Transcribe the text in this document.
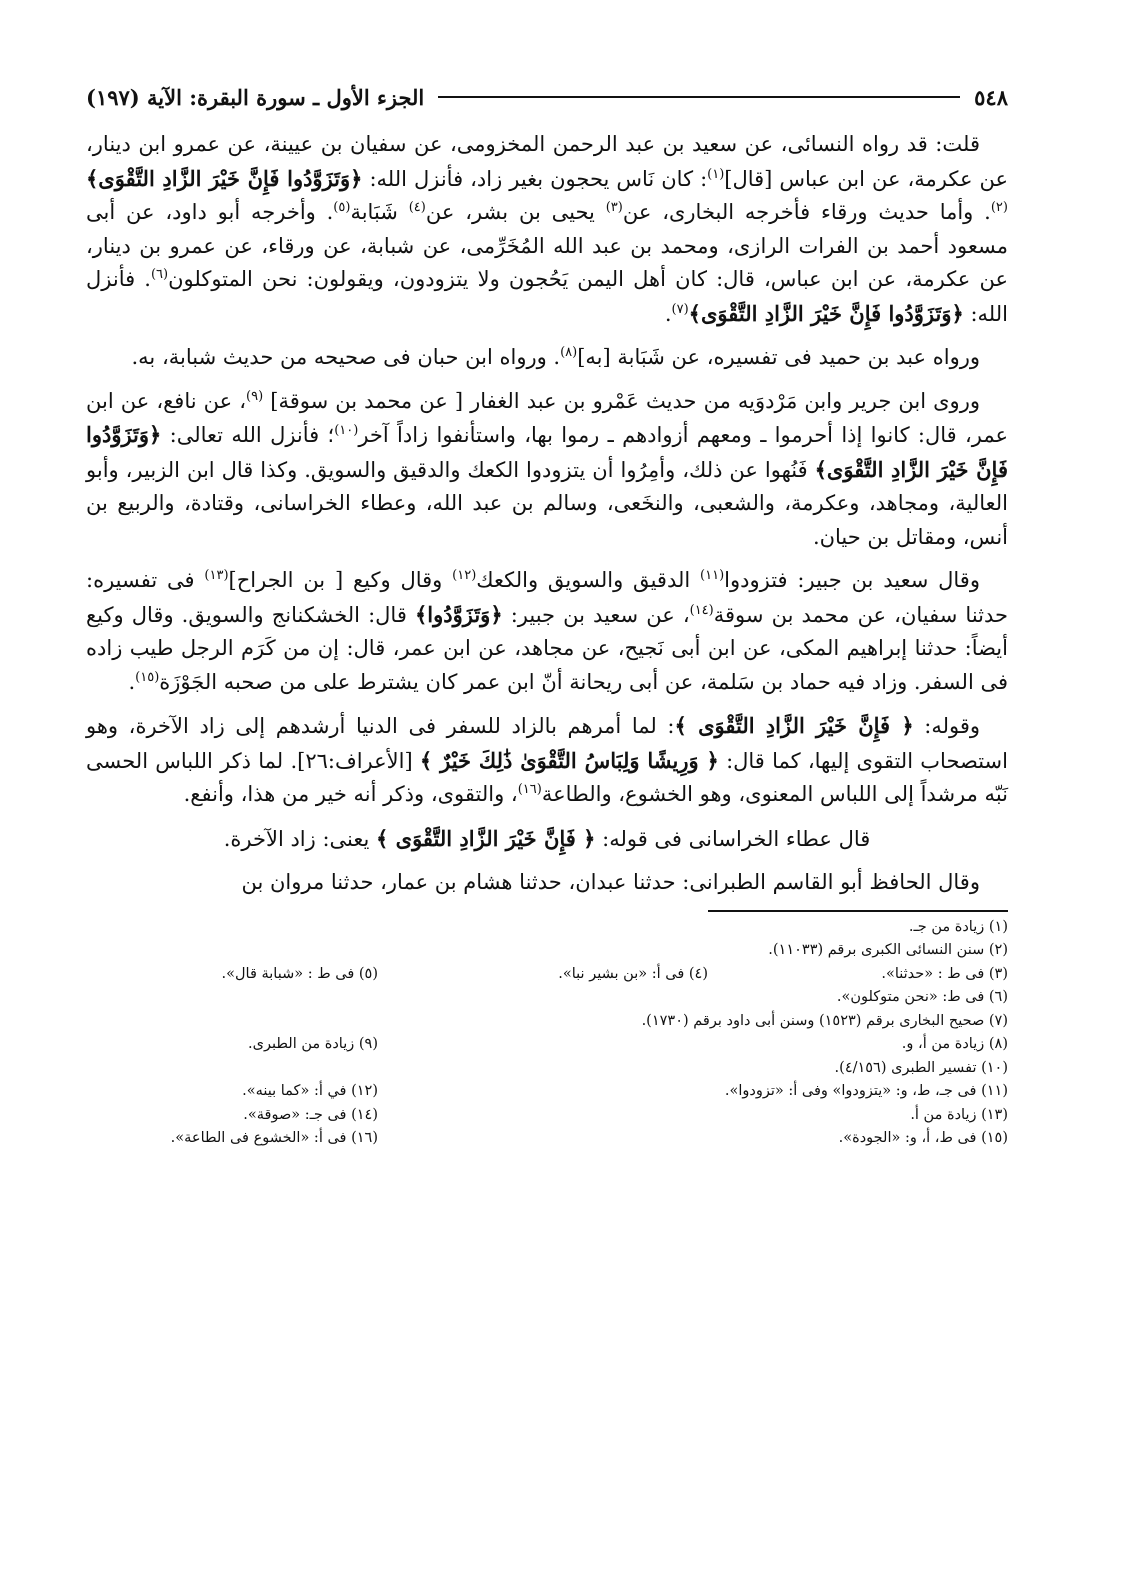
٥٤٨
الجزء الأول ـ سورة البقرة: الآية (١٩٧)

قلت: قد رواه النسائى، عن سعيد بن عبد الرحمن المخزومى، عن سفيان بن عيينة، عن عمرو ابن دينار، عن عكرمة، عن ابن عباس [قال]$^{(١)}$: كان نَاس يحجون بغير زاد، فأنزل الله: ﴿وَتَزَوَّدُوا فَإِنَّ خَيْرَ الزَّادِ التَّقْوَى﴾$^{(٢)}$. وأما حديث ورقاء فأخرجه البخارى، عن$^{(٣)}$ يحيى بن بشر، عن$^{(٤)}$ شَبَابة$^{(٥)}$. وأخرجه أبو داود، عن أبى مسعود أحمد بن الفرات الرازى، ومحمد بن عبد الله المُخَرِّمى، عن شبابة، عن ورقاء، عن عمرو بن دينار، عن عكرمة، عن ابن عباس، قال: كان أهل اليمن يَحُجون ولا يتزودون، ويقولون: نحن المتوكلون$^{(٦)}$. فأنزل الله: ﴿وَتَزَوَّدُوا فَإِنَّ خَيْرَ الزَّادِ التَّقْوَى﴾$^{(٧)}$.

ورواه عبد بن حميد فى تفسيره، عن شَبَابة [به]$^{(٨)}$. ورواه ابن حبان فى صحيحه من حديث شبابة، به.

وروى ابن جرير وابن مَرْدوَيه من حديث عَمْرو بن عبد الغفار [ عن محمد بن سوقة] $^{(٩)}$، عن نافع، عن ابن عمر، قال: كانوا إذا أحرموا ـ ومعهم أزوادهم ـ رموا بها، واستأنفوا زاداً آخر$^{(١٠)}$؛ فأنزل الله تعالى: ﴿وَتَزَوَّدُوا فَإِنَّ خَيْرَ الزَّادِ التَّقْوَى﴾ فَنُهوا عن ذلك، وأمِرُوا أن يتزودوا الكعك والدقيق والسويق. وكذا قال ابن الزبير، وأبو العالية، ومجاهد، وعكرمة، والشعبى، والنخَعى، وسالم بن عبد الله، وعطاء الخراسانى، وقتادة، والربيع بن أنس، ومقاتل بن حيان.

وقال سعيد بن جبير: فتزودوا$^{(١١)}$ الدقيق والسويق والكعك$^{(١٢)}$ وقال وكيع [ بن الجراح]$^{(١٣)}$ فى تفسيره: حدثنا سفيان، عن محمد بن سوقة$^{(١٤)}$، عن سعيد بن جبير: ﴿وَتَزَوَّدُوا﴾ قال: الخشكنانج والسويق. وقال وكيع أيضاً: حدثنا إبراهيم المكى، عن ابن أبى نَجيح، عن مجاهد، عن ابن عمر، قال: إن من كَرَم الرجل طيب زاده فى السفر. وزاد فيه حماد بن سَلمة، عن أبى ريحانة أنّ ابن عمر كان يشترط على من صحبه الجَوْزَة$^{(١٥)}$.

وقوله: ﴿ فَإِنَّ خَيْرَ الزَّادِ التَّقْوَى ﴾: لما أمرهم بالزاد للسفر فى الدنيا أرشدهم إلى زاد الآخرة، وهو استصحاب التقوى إليها، كما قال: ﴿ وَرِيشًا وَلِبَاسُ التَّقْوَىٰ ذَٰلِكَ خَيْرٌ ﴾ [الأعراف:٢٦]. لما ذكر اللباس الحسى نَبّه مرشداً إلى اللباس المعنوى، وهو الخشوع، والطاعة$^{(١٦)}$، والتقوى، وذكر أنه خير من هذا، وأنفع.

قال عطاء الخراسانى فى قوله: ﴿ فَإِنَّ خَيْرَ الزَّادِ التَّقْوَى ﴾ يعنى: زاد الآخرة.

وقال الحافظ أبو القاسم الطبرانى: حدثنا عبدان، حدثنا هشام بن عمار، حدثنا مروان بن

(١) زيادة من جـ.
(٢) سنن النسائى الكبرى برقم (١١٠٣٣).
(٣) فى ط : «حدثنا».
(٤) فى أ: «بن بشير نبا».
(٥) فى ط : «شبابة قال».
(٦) فى ط: «نحن متوكلون».
(٧) صحيح البخارى برقم (١٥٢٣) وسنن أبى داود برقم (١٧٣٠).
(٨) زيادة من أ، و.
(٩) زيادة من الطبرى.
(١٠) تفسير الطبرى (٤/١٥٦).
(١١) فى جـ، ط، و: «يتزودوا» وفى أ: «تزودوا».
(١٢) في أ: «كما بينه».
(١٣) زيادة من أ.
(١٤) فى جـ: «صوقة».
(١٥) فى ط، أ، و: «الجودة».
(١٦) فى أ: «الخشوع فى الطاعة».
